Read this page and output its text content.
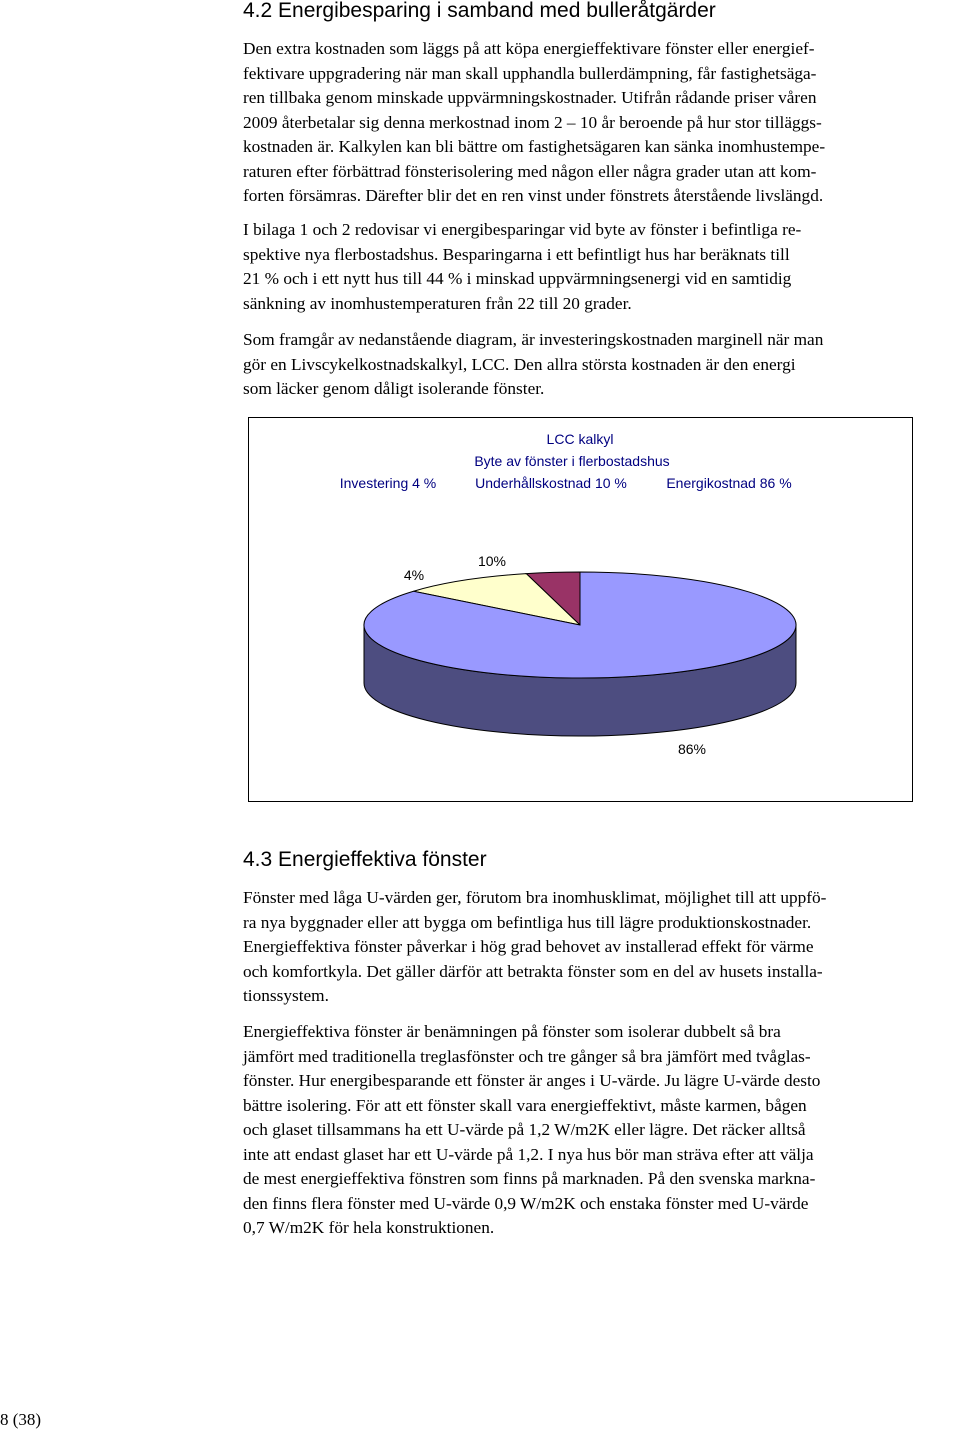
4.2 Energibesparing i samband med bulleråtgärder
Den extra kostnaden som läggs på att köpa energieffektivare fönster eller energief-
fektivare uppgradering när man skall upphandla bullerdämpning, får fastighetsäga-
ren tillbaka genom minskade uppvärmningskostnader. Utifrån rådande priser våren
2009 återbetalar sig denna merkostnad inom 2 – 10 år beroende på hur stor tilläggs-
kostnaden är. Kalkylen kan bli bättre om fastighetsägaren kan sänka inomhustempe-
raturen efter förbättrad fönsterisolering med någon eller några grader utan att kom-
forten försämras. Därefter blir det en ren vinst under fönstrets återstående livslängd.
I bilaga 1 och 2 redovisar vi energibesparingar vid byte av fönster i befintliga re-
spektive nya flerbostadshus. Besparingarna i ett befintligt hus har beräknats till
21 % och i ett nytt hus till 44 % i minskad uppvärmningsenergi vid en samtidig
sänkning av inomhustemperaturen från 22 till 20 grader.
Som framgår av nedanstående diagram, är investeringskostnaden marginell när man
gör en Livscykelkostnadskalkyl, LCC. Den allra största kostnaden är den energi
som läcker genom dåligt isolerande fönster.
LCC kalkyl
Byte av fönster i flerbostadshus
Investering 4 %	Underhållskostnad 10 %	Energikostnad 86 %
4%
10%
86%
4.3 Energieffektiva fönster
Fönster med låga U-värden ger, förutom bra inomhusklimat, möjlighet till att uppfö-
ra nya byggnader eller att bygga om befintliga hus till lägre produktionskostnader.
Energieffektiva fönster påverkar i hög grad behovet av installerad effekt för värme
och komfortkyla. Det gäller därför att betrakta fönster som en del av husets installa-
tionssystem.
Energieffektiva fönster är benämningen på fönster som isolerar dubbelt så bra
jämfört med traditionella treglasfönster och tre gånger så bra jämfört med tvåglas-
fönster. Hur energibesparande ett fönster är anges i U-värde. Ju lägre U-värde desto
bättre isolering. För att ett fönster skall vara energieffektivt, måste karmen, bågen
och glaset tillsammans ha ett U-värde på 1,2 W/m2K eller lägre. Det räcker alltså
inte att endast glaset har ett U-värde på 1,2. I nya hus bör man sträva efter att välja
de mest energieffektiva fönstren som finns på marknaden. På den svenska markna-
den finns flera fönster med U-värde 0,9 W/m2K och enstaka fönster med U-värde
0,7 W/m2K för hela konstruktionen.
8 (38)
